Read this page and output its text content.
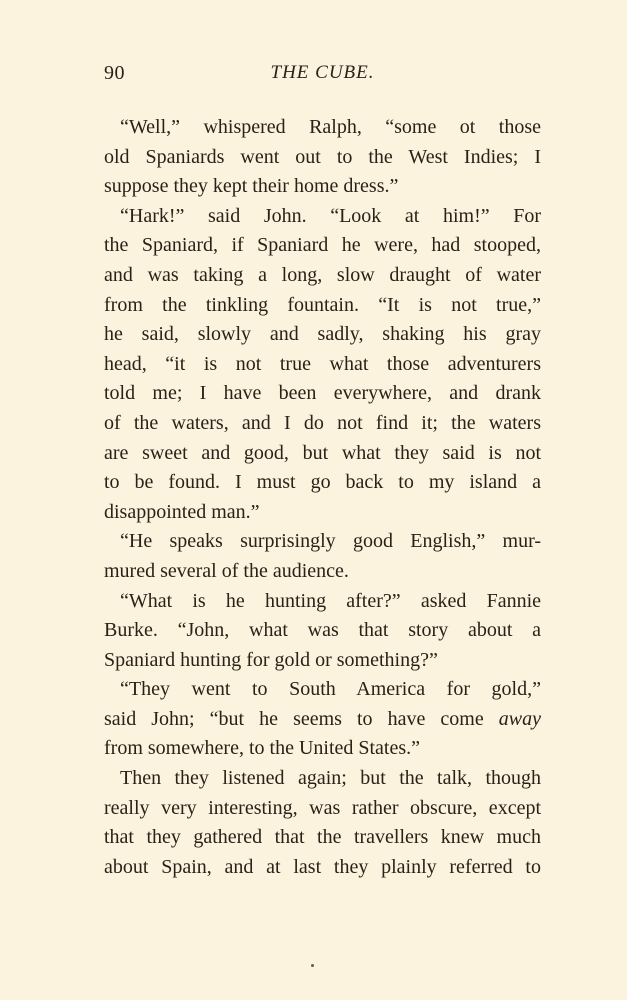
90	THE CUBE.
“Well,” whispered Ralph, “some ot those
old Spaniards went out to the West Indies; I
suppose they kept their home dress.”
“Hark!” said John. “Look at him!” For
the Spaniard, if Spaniard he were, had stooped,
and was taking a long, slow draught of water
from the tinkling fountain. “It is not true,”
he said, slowly and sadly, shaking his gray
head, “it is not true what those adventurers
told me; I have been everywhere, and drank
of the waters, and I do not find it; the waters
are sweet and good, but what they said is not
to be found. I must go back to my island a
disappointed man.”
“He speaks surprisingly good English,” mur-
mured several of the audience.
“What is he hunting after?” asked Fannie
Burke. “John, what was that story about a
Spaniard hunting for gold or something?”
“They went to South America for gold,”
said John; “but he seems to have come away
from somewhere, to the United States.”
Then they listened again; but the talk, though
really very interesting, was rather obscure, except
that they gathered that the travellers knew much
about Spain, and at last they plainly referred to
